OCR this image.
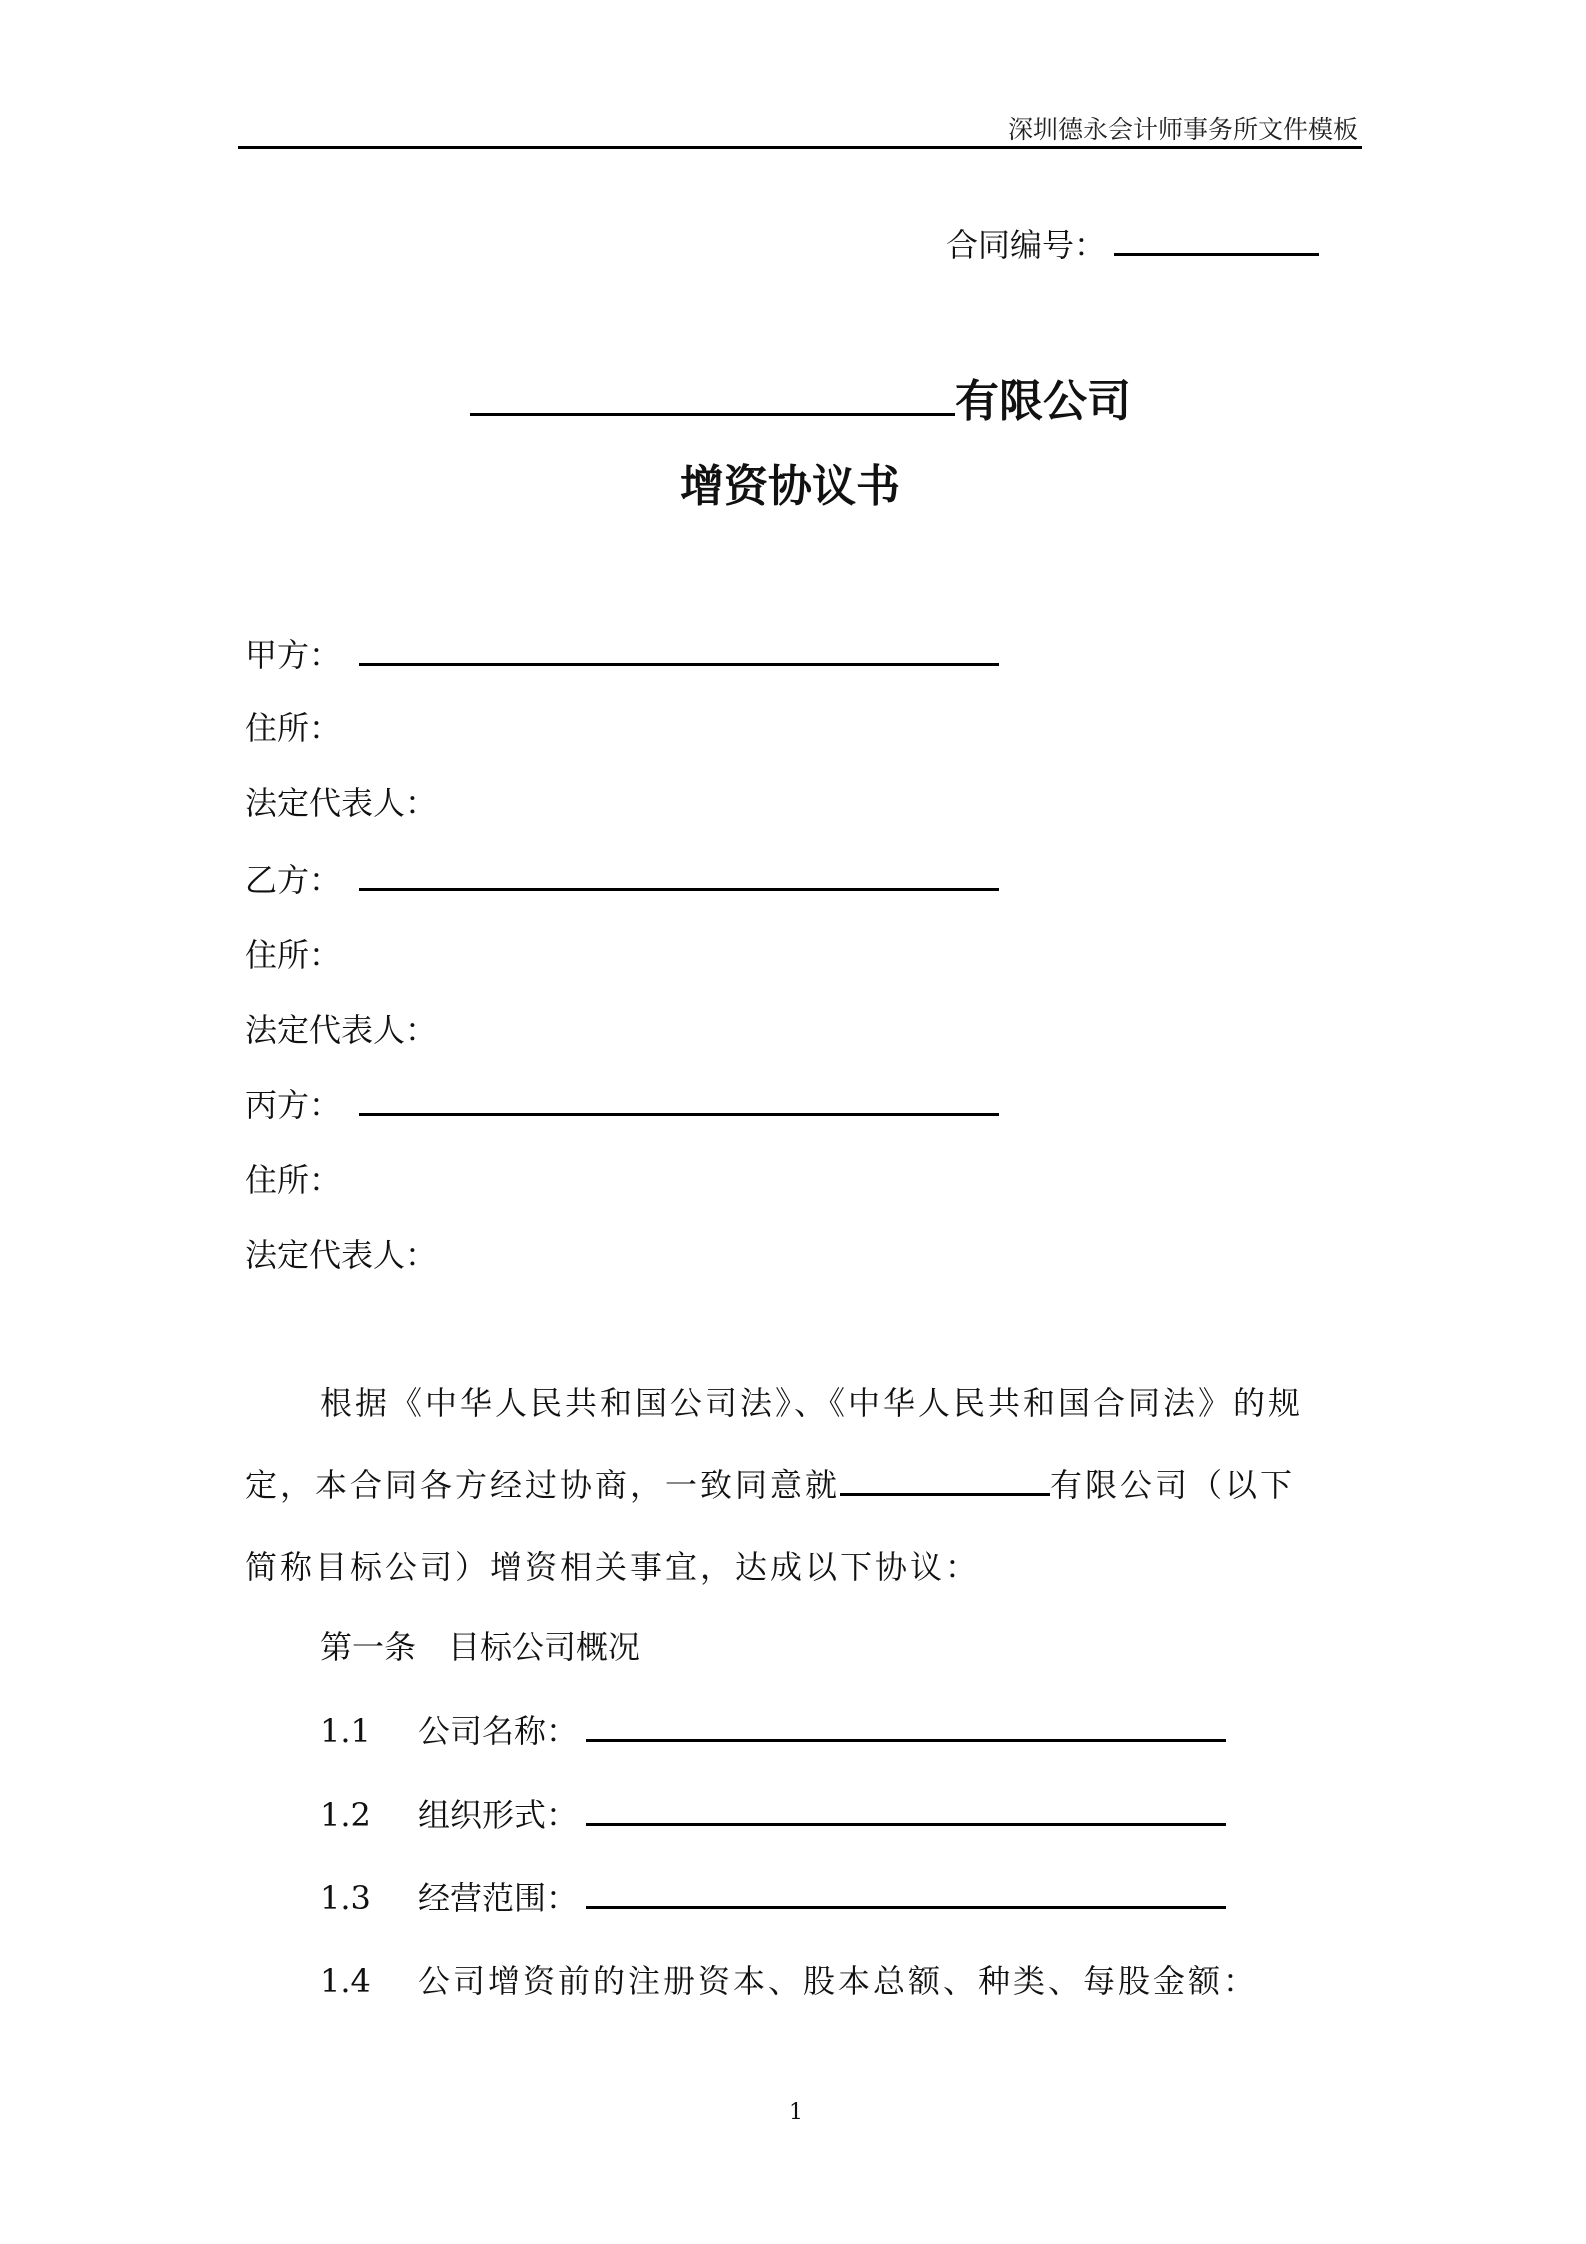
深圳德永会计师事务所文件模板
合同编号：
有限公司
增资协议书
甲方：
住所：
法定代表人：
乙方：
住所：
法定代表人：
丙方：
住所：
法定代表人：
根据《中华人民共和国公司法》、《中华人民共和国合同法》的规
定，本合同各方经过协商，一致同意就	有限公司（以下
简称目标公司）增资相关事宜，达成以下协议：
第一条　目标公司概况
1.1 公司名称：
1.2 组织形式：
1.3 经营范围：
1.4 公司增资前的注册资本、股本总额、种类、每股金额：
1
